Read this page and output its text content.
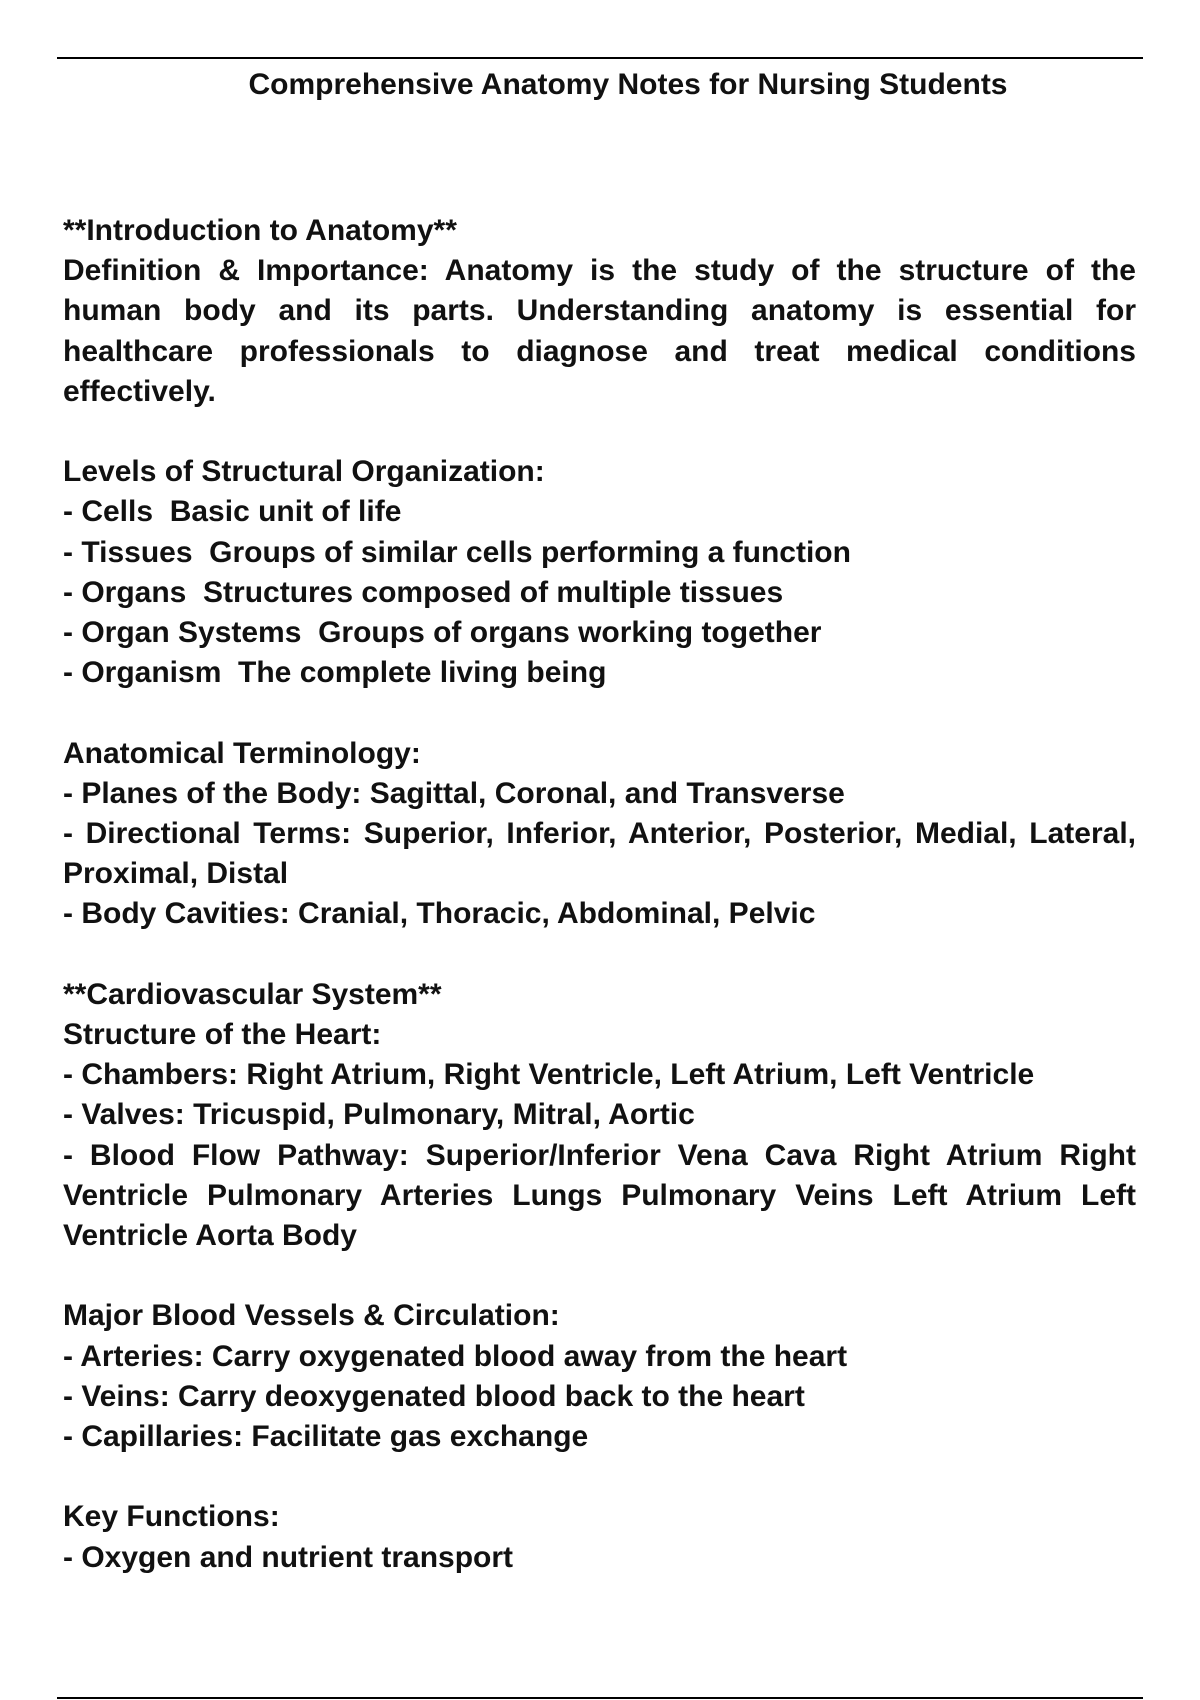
Comprehensive Anatomy Notes for Nursing Students
**Introduction to Anatomy**
Definition & Importance: Anatomy is the study of the structure of the human body and its parts. Understanding anatomy is essential for healthcare professionals to diagnose and treat medical conditions effectively.
Levels of Structural Organization:
- Cells  Basic unit of life
- Tissues  Groups of similar cells performing a function
- Organs  Structures composed of multiple tissues
- Organ Systems  Groups of organs working together
- Organism  The complete living being
Anatomical Terminology:
- Planes of the Body: Sagittal, Coronal, and Transverse
- Directional Terms: Superior, Inferior, Anterior, Posterior, Medial, Lateral, Proximal, Distal
- Body Cavities: Cranial, Thoracic, Abdominal, Pelvic
**Cardiovascular System**
Structure of the Heart:
- Chambers: Right Atrium, Right Ventricle, Left Atrium, Left Ventricle
- Valves: Tricuspid, Pulmonary, Mitral, Aortic
- Blood Flow Pathway: Superior/Inferior Vena Cava Right Atrium Right Ventricle Pulmonary Arteries Lungs Pulmonary Veins Left Atrium Left Ventricle Aorta Body
Major Blood Vessels & Circulation:
- Arteries: Carry oxygenated blood away from the heart
- Veins: Carry deoxygenated blood back to the heart
- Capillaries: Facilitate gas exchange
Key Functions:
- Oxygen and nutrient transport
